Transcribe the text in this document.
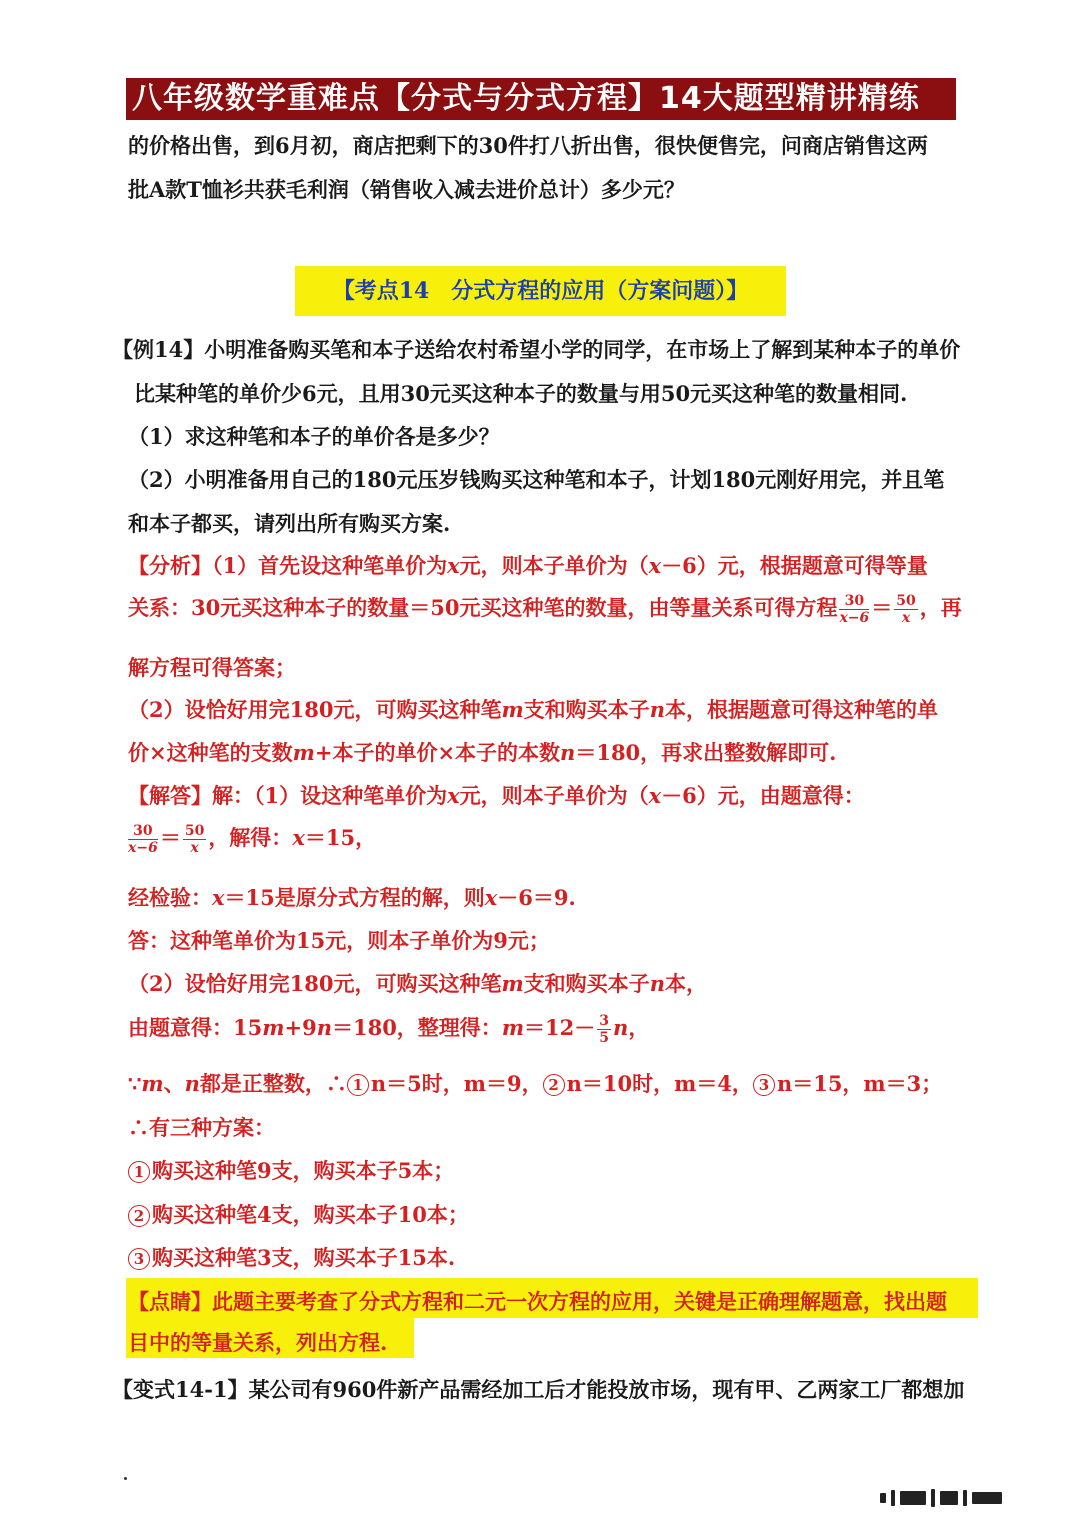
八年级数学重难点【分式与分式方程】14大题型精讲精练
的价格出售，到6月初，商店把剩下的30件打八折出售，很快便售完，问商店销售这两
批A款T恤衫共获毛利润（销售收入减去进价总计）多少元？
【考点14　分式方程的应用（方案问题）】
【例14】小明准备购买笔和本子送给农村希望小学的同学，在市场上了解到某种本子的单价
比某种笔的单价少6元，且用30元买这种本子的数量与用50元买这种笔的数量相同.
（1）求这种笔和本子的单价各是多少？
（2）小明准备用自己的180元压岁钱购买这种笔和本子，计划180元刚好用完，并且笔
和本子都买，请列出所有购买方案.
【分析】（1）首先设这种笔单价为x元，则本子单价为（x－6）元，根据题意可得等量
关系：30元买这种本子的数量＝50元买这种笔的数量，由等量关系可得方程 $\frac{30}{x-6} = \frac{50}{x}$ ，再
解方程可得答案；
（2）设恰好用完180元，可购买这种笔m支和购买本子n本，根据题意可得这种笔的单
价×这种笔的支数m+本子的单价×本子的本数n＝180，再求出整数解即可.
【解答】解：（1）设这种笔单价为x元，则本子单价为（x－6）元，由题意得：
$\frac{30}{x-6} = \frac{50}{x}$ ，解得：x＝15，
经检验：x＝15是原分式方程的解，则x－6＝9.
答：这种笔单价为15元，则本子单价为9元；
（2）设恰好用完180元，可购买这种笔m支和购买本子n本，
由题意得：15m+9n＝180，整理得：$m=12- \frac{3}{5}$ n，
∵m、n都是正整数，∴ 1 n＝5时，m＝9， 2 n＝10时，m＝4， 3 n＝15，m＝3；
∴有三种方案：
1 购买这种笔9支，购买本子5本；
2 购买这种笔4支，购买本子10本；
3 购买这种笔3支，购买本子15本.
【点睛】此题主要考查了分式方程和二元一次方程的应用，关键是正确理解题意，找出题
目中的等量关系，列出方程.
【变式14-1】某公司有960件新产品需经加工后才能投放市场，现有甲、乙两家工厂都想加
